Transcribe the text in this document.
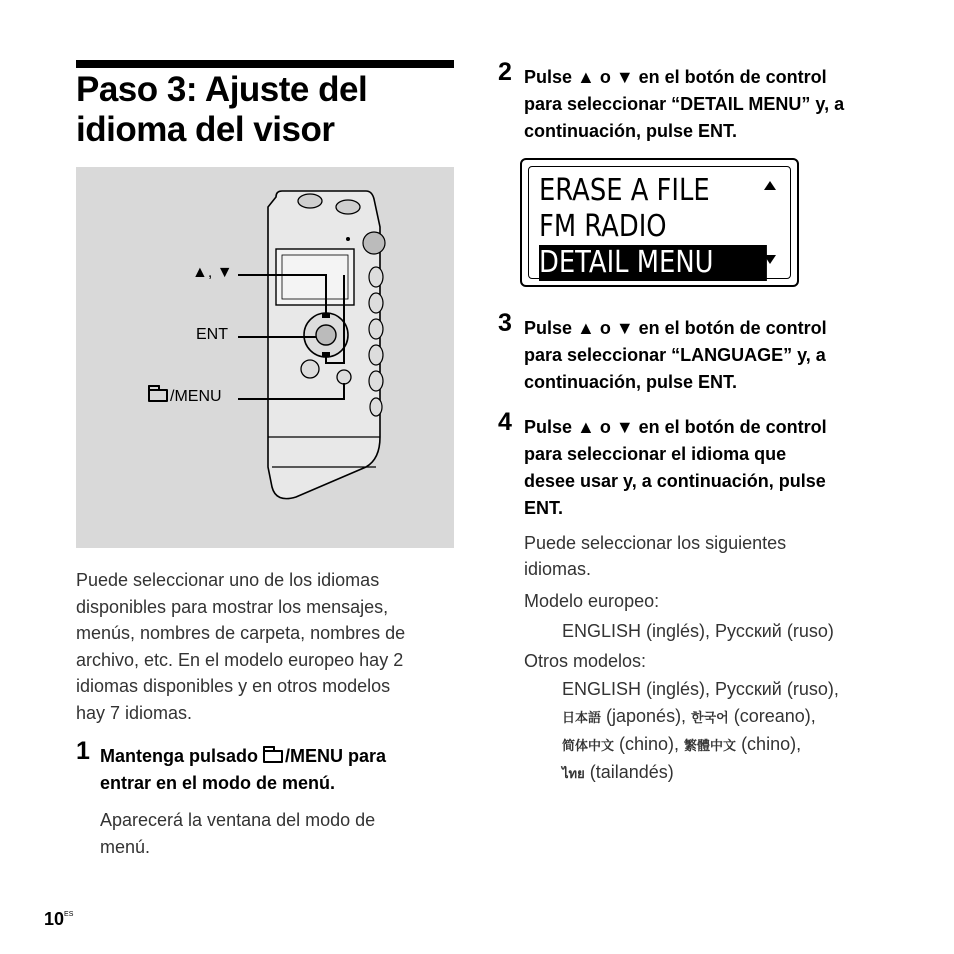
Paso 3: Ajuste del
idioma del visor
▲, ▼
ENT
/MENU

Puede seleccionar uno de los idiomas
disponibles para mostrar los mensajes,
menús, nombres de carpeta, nombres de
archivo, etc. En el modelo europeo hay 2
idiomas disponibles y en otros modelos
hay 7 idiomas.

1 Mantenga pulsado /MENU para
entrar en el modo de menú.

Aparecerá la ventana del modo de
menú.

2 Pulse ▲ o ▼ en el botón de control
para seleccionar “DETAIL MENU” y, a
continuación, pulse ENT.

ERASE A FILE
FM RADIO
DETAIL MENU
3 Pulse ▲ o ▼ en el botón de control
para seleccionar “LANGUAGE” y, a
continuación, pulse ENT.

4 Pulse ▲ o ▼ en el botón de control
para seleccionar el idioma que
desee usar y, a continuación, pulse
ENT.

Puede seleccionar los siguientes
idiomas.
Modelo europeo:
ENGLISH (inglés), Русский (ruso)
Otros modelos:
ENGLISH (inglés), Русский (ruso),
日本語 (japonés), 한국어 (coreano),
简体中文 (chino), 繁體中文 (chino),
ไทย (tailandés)
$10^{ES}$
